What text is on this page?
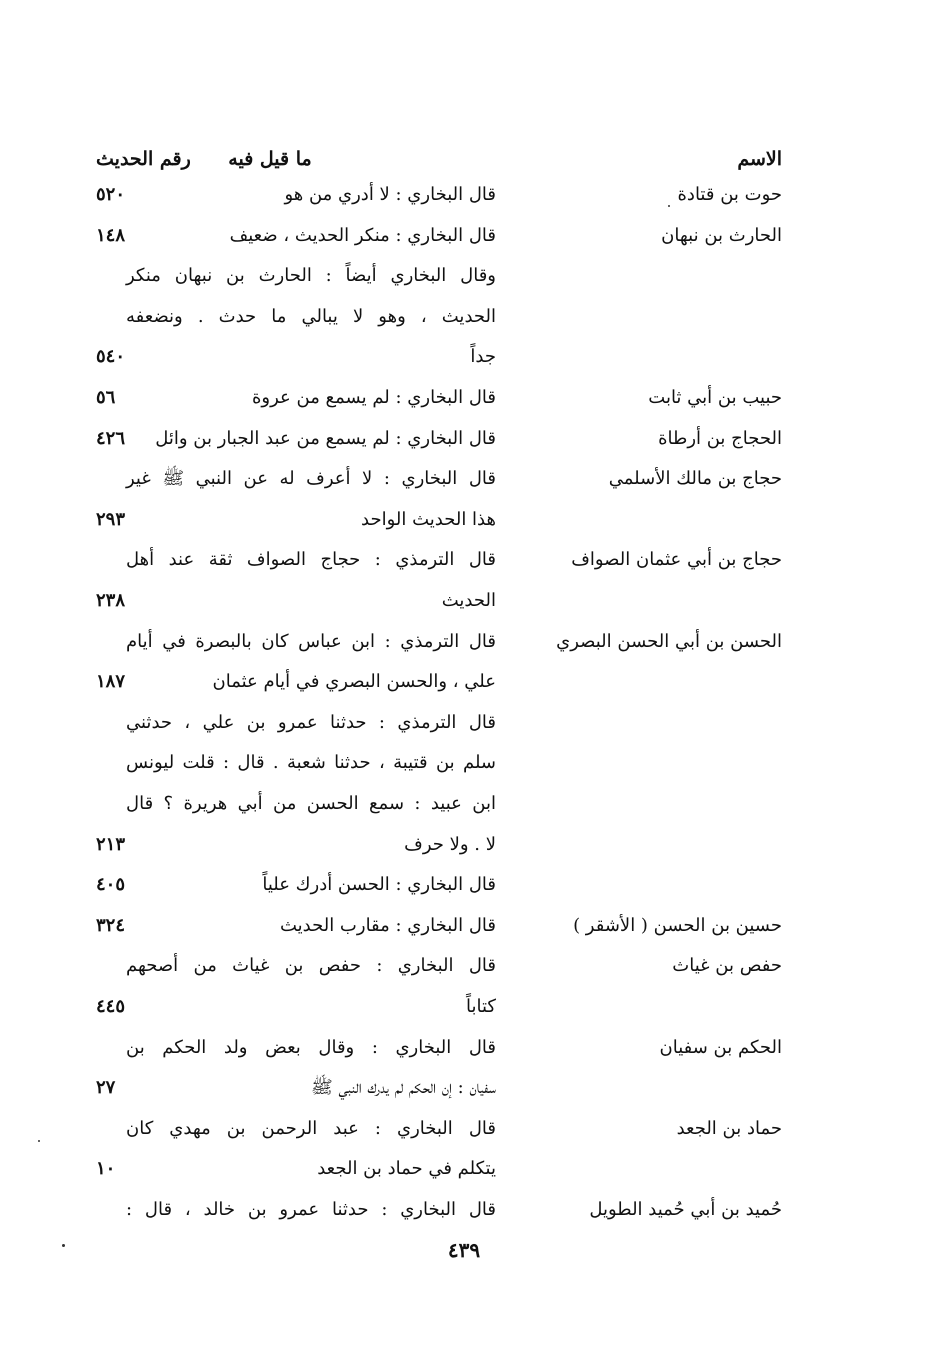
الاسم
ما قيل فيه
رقم الحديث
حوت بن قتادة
قال البخاري : لا أدري من هو
٥٢٠
الحارث بن نبهان
قال البخاري : منكر الحديث ، ضعيف
١٤٨
وقال البخاري أيضاً : الحارث بن نبهان منكر
الحديث ، وهو لا يبالي ما حدث . ونضعفه
جداً
٥٤٠
حبيب بن أبي ثابت
قال البخاري : لم يسمع من عروة
٥٦
الحجاج بن أرطاة
قال البخاري : لم يسمع من عبد الجبار بن وائل
٤٢٦
حجاج بن مالك الأسلمي
قال البخاري : لا أعرف له عن النبي ﷺ غير
هذا الحديث الواحد
٢٩٣
حجاج بن أبي عثمان الصواف
قال الترمذي : حجاج الصواف ثقة عند أهل
الحديث
٢٣٨
الحسن بن أبي الحسن البصري
قال الترمذي : ابن عباس كان بالبصرة في أيام
علي ، والحسن البصري في أيام عثمان
١٨٧
قال الترمذي : حدثنا عمرو بن علي ، حدثني
سلم بن قتيبة ، حدثنا شعبة . قال : قلت ليونس
ابن عبيد : سمع الحسن من أبي هريرة ؟ قال
لا . ولا حرف
٢١٣
قال البخاري : الحسن أدرك علياً
٤٠٥
حسين بن الحسن ( الأشقر )
قال البخاري : مقارب الحديث
٣٢٤
حفص بن غياث
قال البخاري : حفص بن غياث من أصحهم
كتاباً
٤٤٥
الحكم بن سفيان
قال البخاري : وقال بعض ولد الحكم بن
سفيان : إن الحكم لم يدرك النبي ﷺ
٢٧
حماد بن الجعد
قال البخاري : عبد الرحمن بن مهدي كان
يتكلم في حماد بن الجعد
١٠
حُميد بن أبي حُميد الطويل
قال البخاري : حدثنا عمرو بن خالد ، قال :
٤٣٩
